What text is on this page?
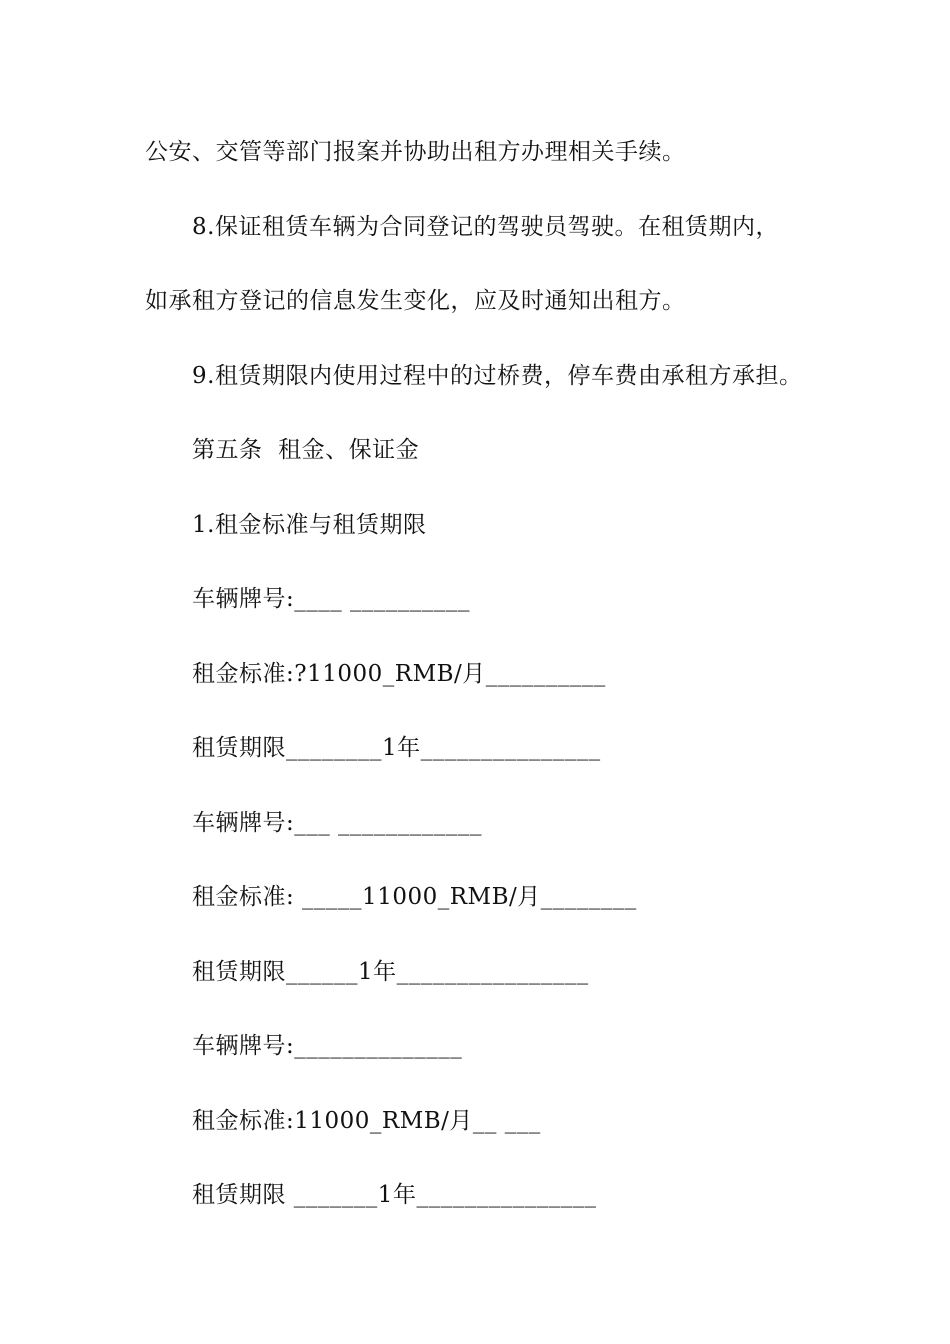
公安、交管等部门报案并协助出租方办理相关手续。
8.保证租赁车辆为合同登记的驾驶员驾驶。在租赁期内，
如承租方登记的信息发生变化，应及时通知出租方。
9.租赁期限内使用过程中的过桥费，停车费由承租方承担。
第五条  租金、保证金
1.租金标准与租赁期限
车辆牌号:____ __________
租金标准:?11000_RMB/月__________
租赁期限________1年_______________
车辆牌号:___ ____________
租金标准: _____11000_RMB/月________
租赁期限______1年________________
车辆牌号:______________
租金标准:11000_RMB/月__ ___
租赁期限 _______1年_______________
